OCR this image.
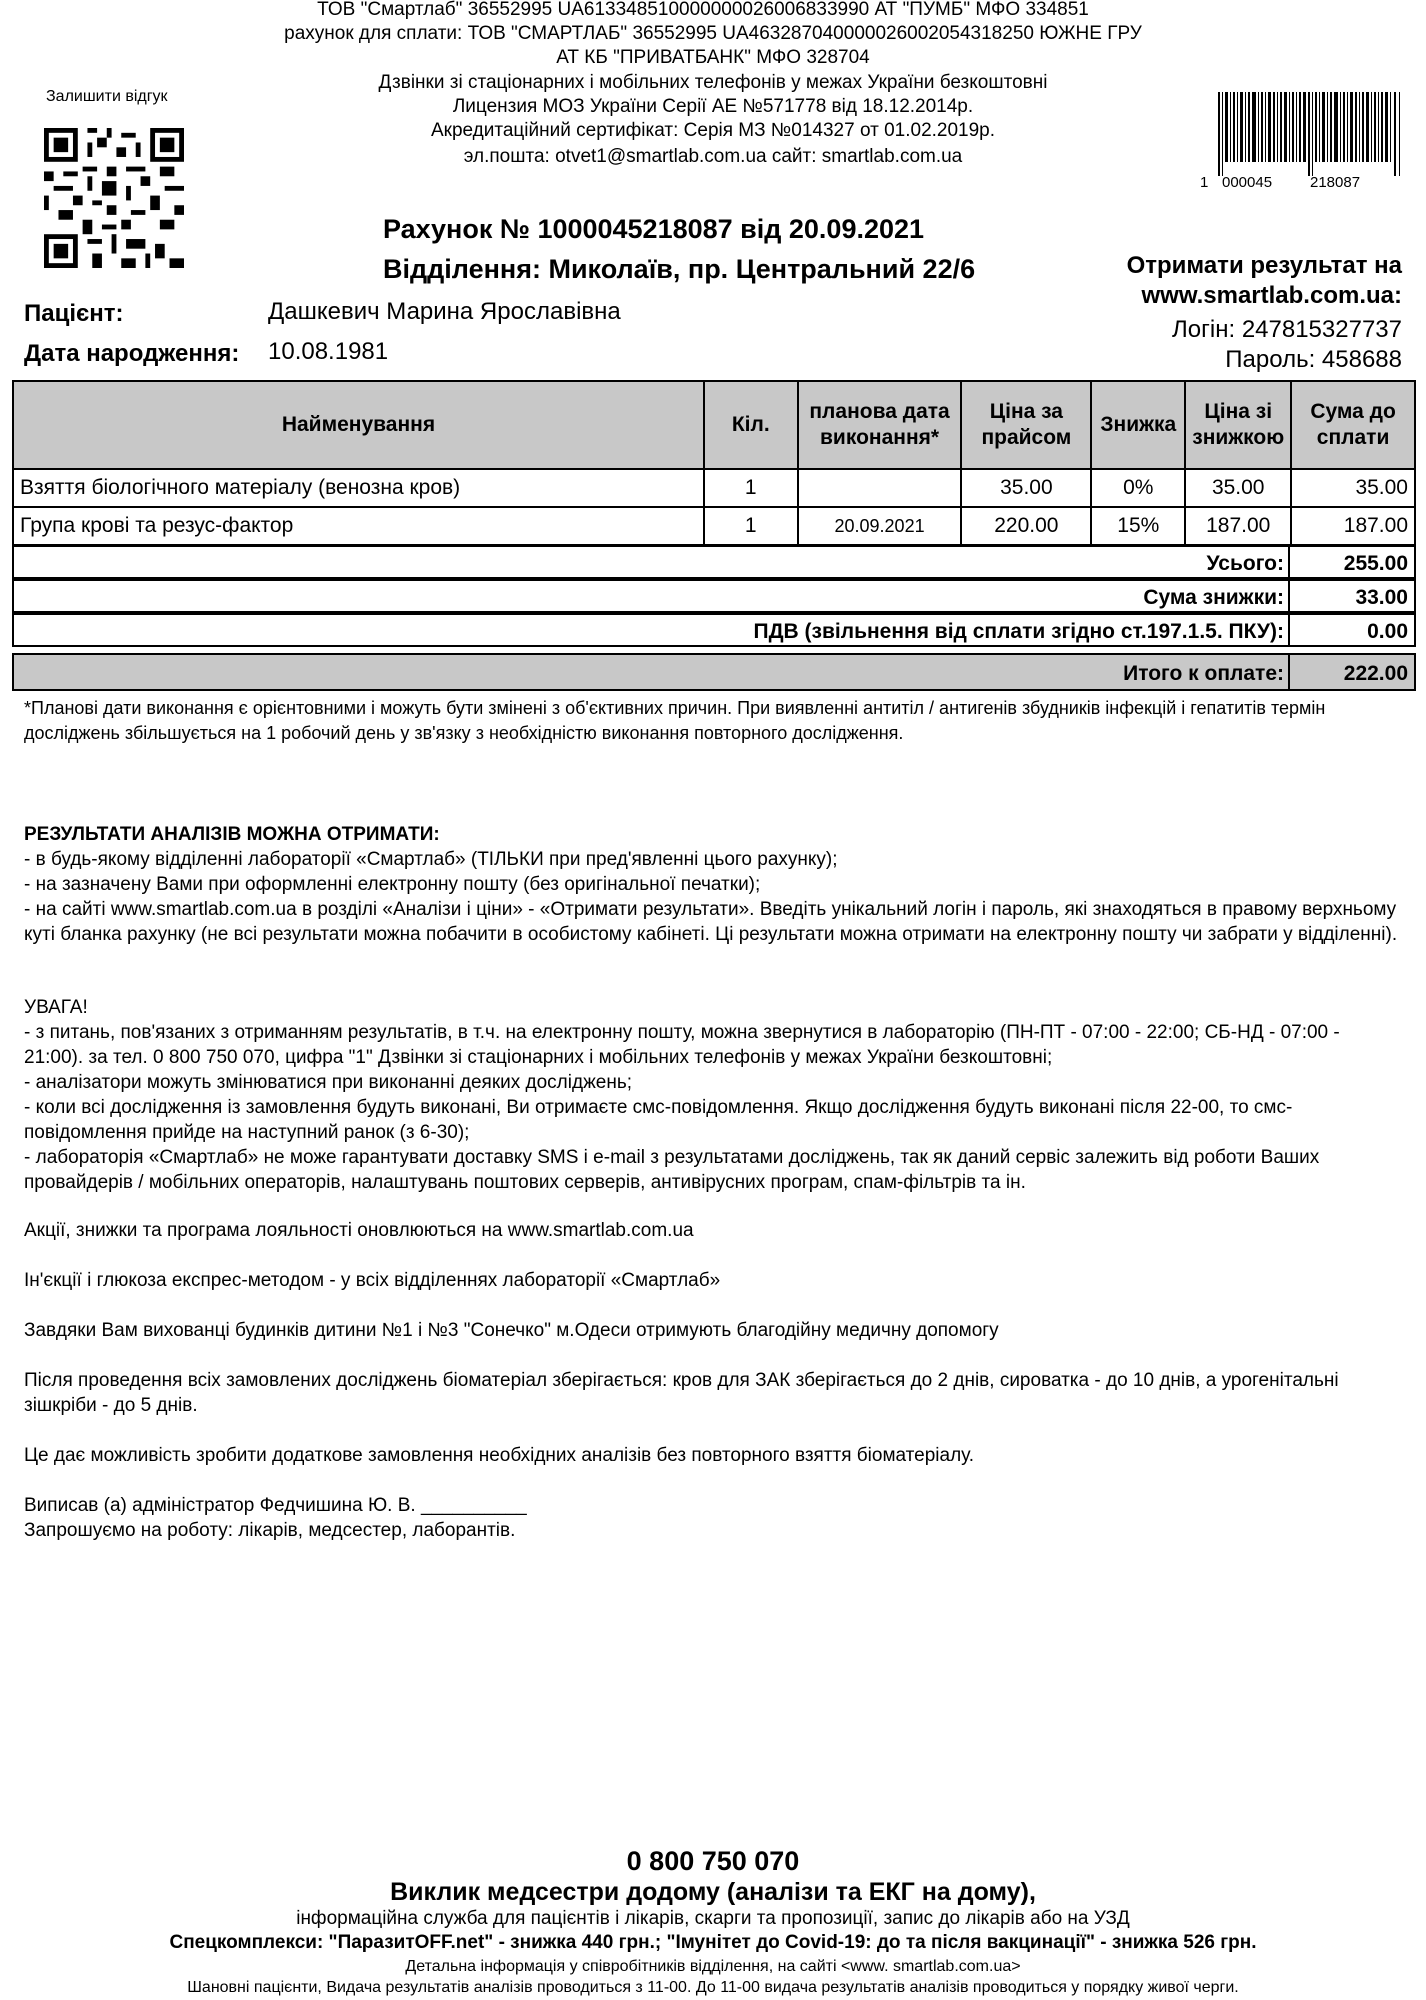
ТОВ "Смартлаб" 36552995 UA613348510000000026006833990 АТ "ПУМБ" МФО 334851
рахунок для сплати: ТОВ "СМАРТЛАБ" 36552995 UA463287040000026002054318250 ЮЖНЕ ГРУ
АТ КБ "ПРИВАТБАНК" МФО 328704
Дзвінки зі стаціонарних і мобільних телефонів у межах України безкоштовні
Лицензия МОЗ України Серії АЕ №571778 від 18.12.2014р.
Акредитаційний сертифікат: Серія МЗ №014327 от 01.02.2019р.
эл.пошта: otvet1@smartlab.com.ua сайт: smartlab.com.ua
Залишити відгук
1 000045	218087
Рахунок № 1000045218087 від 20.09.2021
Відділення: Миколаїв, пр. Центральний 22/6	Отримати результат на
www.smartlab.com.ua:
Логін: 247815327737
Пароль: 458688
Пацієнт:	Дашкевич Марина Ярославівна
Дата народження: 10.08.1981
Найменування	Кіл.	планова дата виконання*	Ціна за прайсом	Знижка	Ціна зі знижкою	Сума до сплати
Взяття біологічного матеріалу (венозна кров)	1		35.00	0%	35.00	35.00
Група крові та резус-фактор	1	20.09.2021	220.00	15%	187.00	187.00
Усього:	255.00
Сума знижки:	33.00
ПДВ (звільнення від сплати згідно ст.197.1.5. ПКУ):	0.00
Итого к оплате:	222.00
*Планові дати виконання є орієнтовними і можуть бути змінені з об'єктивних причин. При виявленні антитіл / антигенів збудників інфекцій і гепатитів термін досліджень збільшується на 1 робочий день у зв'язку з необхідністю виконання повторного дослідження.
РЕЗУЛЬТАТИ АНАЛІЗІВ МОЖНА ОТРИМАТИ:
- в будь-якому відділенні лабораторії «Смартлаб» (ТІЛЬКИ при пред'явленні цього рахунку);
- на зазначену Вами при оформленні електронну пошту (без оригінальної печатки);
- на сайті www.smartlab.com.ua в розділі «Аналізи і ціни» - «Отримати результати». Введіть унікальний логін і пароль, які знаходяться в правому верхньому куті бланка рахунку (не всі результати можна побачити в особистому кабінеті. Ці результати можна отримати на електронну пошту чи забрати у відділенні).
УВАГА!
- з питань, пов'язаних з отриманням результатів, в т.ч. на електронну пошту, можна звернутися в лабораторію (ПН-ПТ - 07:00 - 22:00; СБ-НД - 07:00 - 21:00). за тел. 0 800 750 070, цифра "1" Дзвінки зі стаціонарних і мобільних телефонів у межах України безкоштовні;
- аналізатори можуть змінюватися при виконанні деяких досліджень;
- коли всі дослідження із замовлення будуть виконані, Ви отримаєте смс-повідомлення. Якщо дослідження будуть виконані після 22-00, то смс-повідомлення прийде на наступний ранок (з 6-30);
- лабораторія «Смартлаб» не може гарантувати доставку SMS і e-mail з результатами досліджень, так як даний сервіс залежить від роботи Ваших провайдерів / мобільних операторів, налаштувань поштових серверів, антивірусних програм, спам-фільтрів та ін.
Акції, знижки та програма лояльності оновлюються на www.smartlab.com.ua
Ін'єкції і глюкоза експрес-методом - у всіх відділеннях лабораторії «Смартлаб»
Завдяки Вам вихованці будинків дитини №1 і №3 "Сонечко" м.Одеси отримують благодійну медичну допомогу
Після проведення всіх замовлених досліджень біоматеріал зберігається: кров для ЗАК зберігається до 2 днів, сироватка - до 10 днів, а урогенітальні зішкріби - до 5 днів.
Це дає можливість зробити додаткове замовлення необхідних аналізів без повторного взяття біоматеріалу.
Виписав (а) адміністратор Федчишина Ю. В. __________
Запрошуємо на роботу: лікарів, медсестер, лаборантів.
0 800 750 070
Виклик медсестри додому (аналізи та ЕКГ на дому),
інформаційна служба для пацієнтів і лікарів, скарги та пропозиції, запис до лікарів або на УЗД
Спецкомплекси: "ПаразитOFF.net" - знижка 440 грн.; "Імунітет до Covid-19: до та після вакцинації" - знижка 526 грн.
Детальна інформація у співробітників відділення, на сайті <www. smartlab.com.ua>
Шановні пацієнти, Видача результатів аналізів проводиться з 11-00. До 11-00 видача результатів аналізів проводиться у порядку живої черги.
